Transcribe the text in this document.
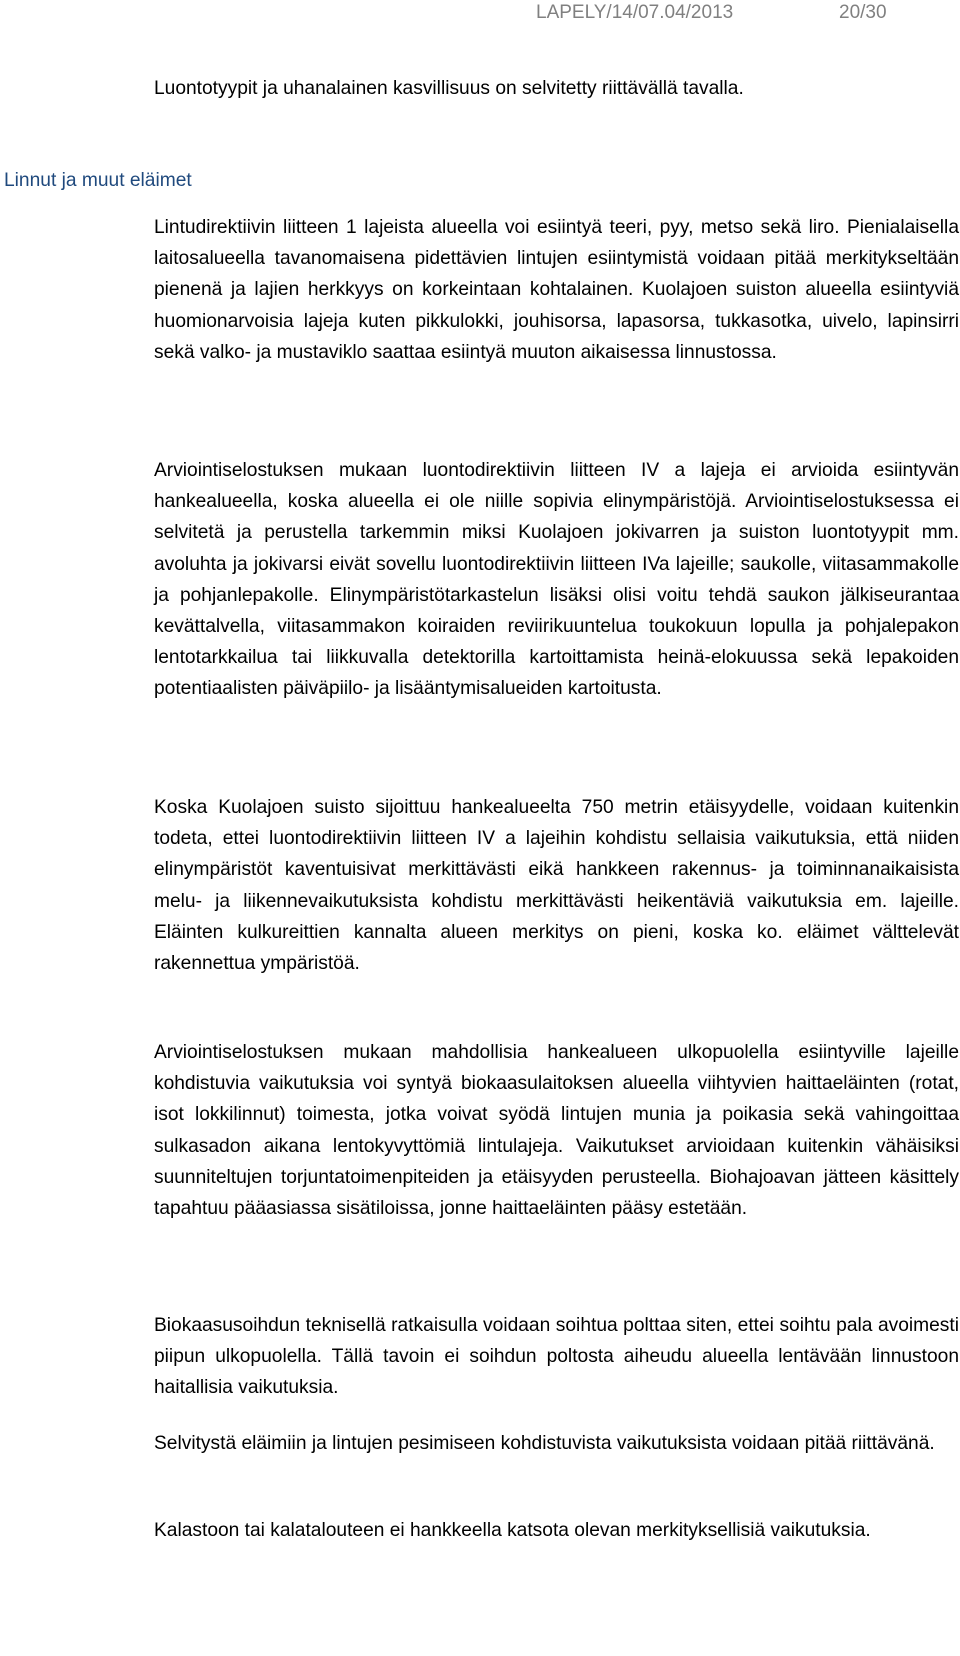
LAPELY/14/07.04/2013	20/30

Luontotyypit ja uhanalainen kasvillisuus on selvitetty riittävällä tavalla.

Linnut ja muut eläimet

Lintudirektiivin liitteen 1 lajeista alueella voi esiintyä teeri, pyy, metso sekä liro. Pienialaisella laitosalueella tavanomaisena pidettävien lintujen esiintymistä voidaan pitää merkitykseltään pienenä ja lajien herkkyys on korkeintaan kohtalainen. Kuolajoen suiston alueella esiintyviä huomionarvoisia lajeja kuten pikkulokki, jouhisorsa, lapasorsa, tukkasotka, uivelo, lapinsirri sekä valko- ja mustaviklo saattaa esiintyä muuton aikaisessa linnustossa.

Arviointiselostuksen mukaan luontodirektiivin liitteen IV a lajeja ei arvioida esiintyvän hankealueella, koska alueella ei ole niille sopivia elinympäristöjä. Arviointiselostuksessa ei selvitetä ja perustella tarkemmin miksi Kuolajoen jokivarren ja suiston luontotyypit mm. avoluhta ja jokivarsi eivät sovellu luontodirektiivin liitteen IVa lajeille; saukolle, viitasammakolle ja pohjanlepakolle. Elinympäristötarkastelun lisäksi olisi voitu tehdä saukon jälkiseurantaa kevättalvella, viitasammakon koiraiden reviirikuuntelua toukokuun lopulla ja pohjalepakon lentotarkkailua tai liikkuvalla detektorilla kartoittamista heinä-elokuussa sekä lepakoiden potentiaalisten päiväpiilo- ja lisääntymisalueiden kartoitusta.

Koska Kuolajoen suisto sijoittuu hankealueelta 750 metrin etäisyydelle, voidaan kuitenkin todeta, ettei luontodirektiivin liitteen IV a lajeihin kohdistu sellaisia vaikutuksia, että niiden elinympäristöt kaventuisivat merkittävästi eikä hankkeen rakennus- ja toiminnanaikaisista melu- ja liikennevaikutuksista kohdistu merkittävästi heikentäviä vaikutuksia em. lajeille. Eläinten kulkureittien kannalta alueen merkitys on pieni, koska ko. eläimet välttelevät rakennettua ympäristöä.

Arviointiselostuksen mukaan mahdollisia hankealueen ulkopuolella esiintyville lajeille kohdistuvia vaikutuksia voi syntyä biokaasulaitoksen alueella viihtyvien haittaeläinten (rotat, isot lokkilinnut) toimesta, jotka voivat syödä lintujen munia ja poikasia sekä vahingoittaa sulkasadon aikana lentokyvyttömiä lintulajeja. Vaikutukset arvioidaan kuitenkin vähäisiksi suunniteltujen torjuntatoimenpiteiden ja etäisyyden perusteella. Biohajoavan jätteen käsittely tapahtuu pääasiassa sisätiloissa, jonne haittaeläinten pääsy estetään.

Biokaasusoihdun teknisellä ratkaisulla voidaan soihtua polttaa siten, ettei soihtu pala avoimesti piipun ulkopuolella. Tällä tavoin ei soihdun poltosta aiheudu alueella lentävään linnustoon haitallisia vaikutuksia.

Selvitystä eläimiin ja lintujen pesimiseen kohdistuvista vaikutuksista voidaan pitää riittävänä.

Kalastoon tai kalatalouteen ei hankkeella katsota olevan merkityksellisiä vaikutuksia.
